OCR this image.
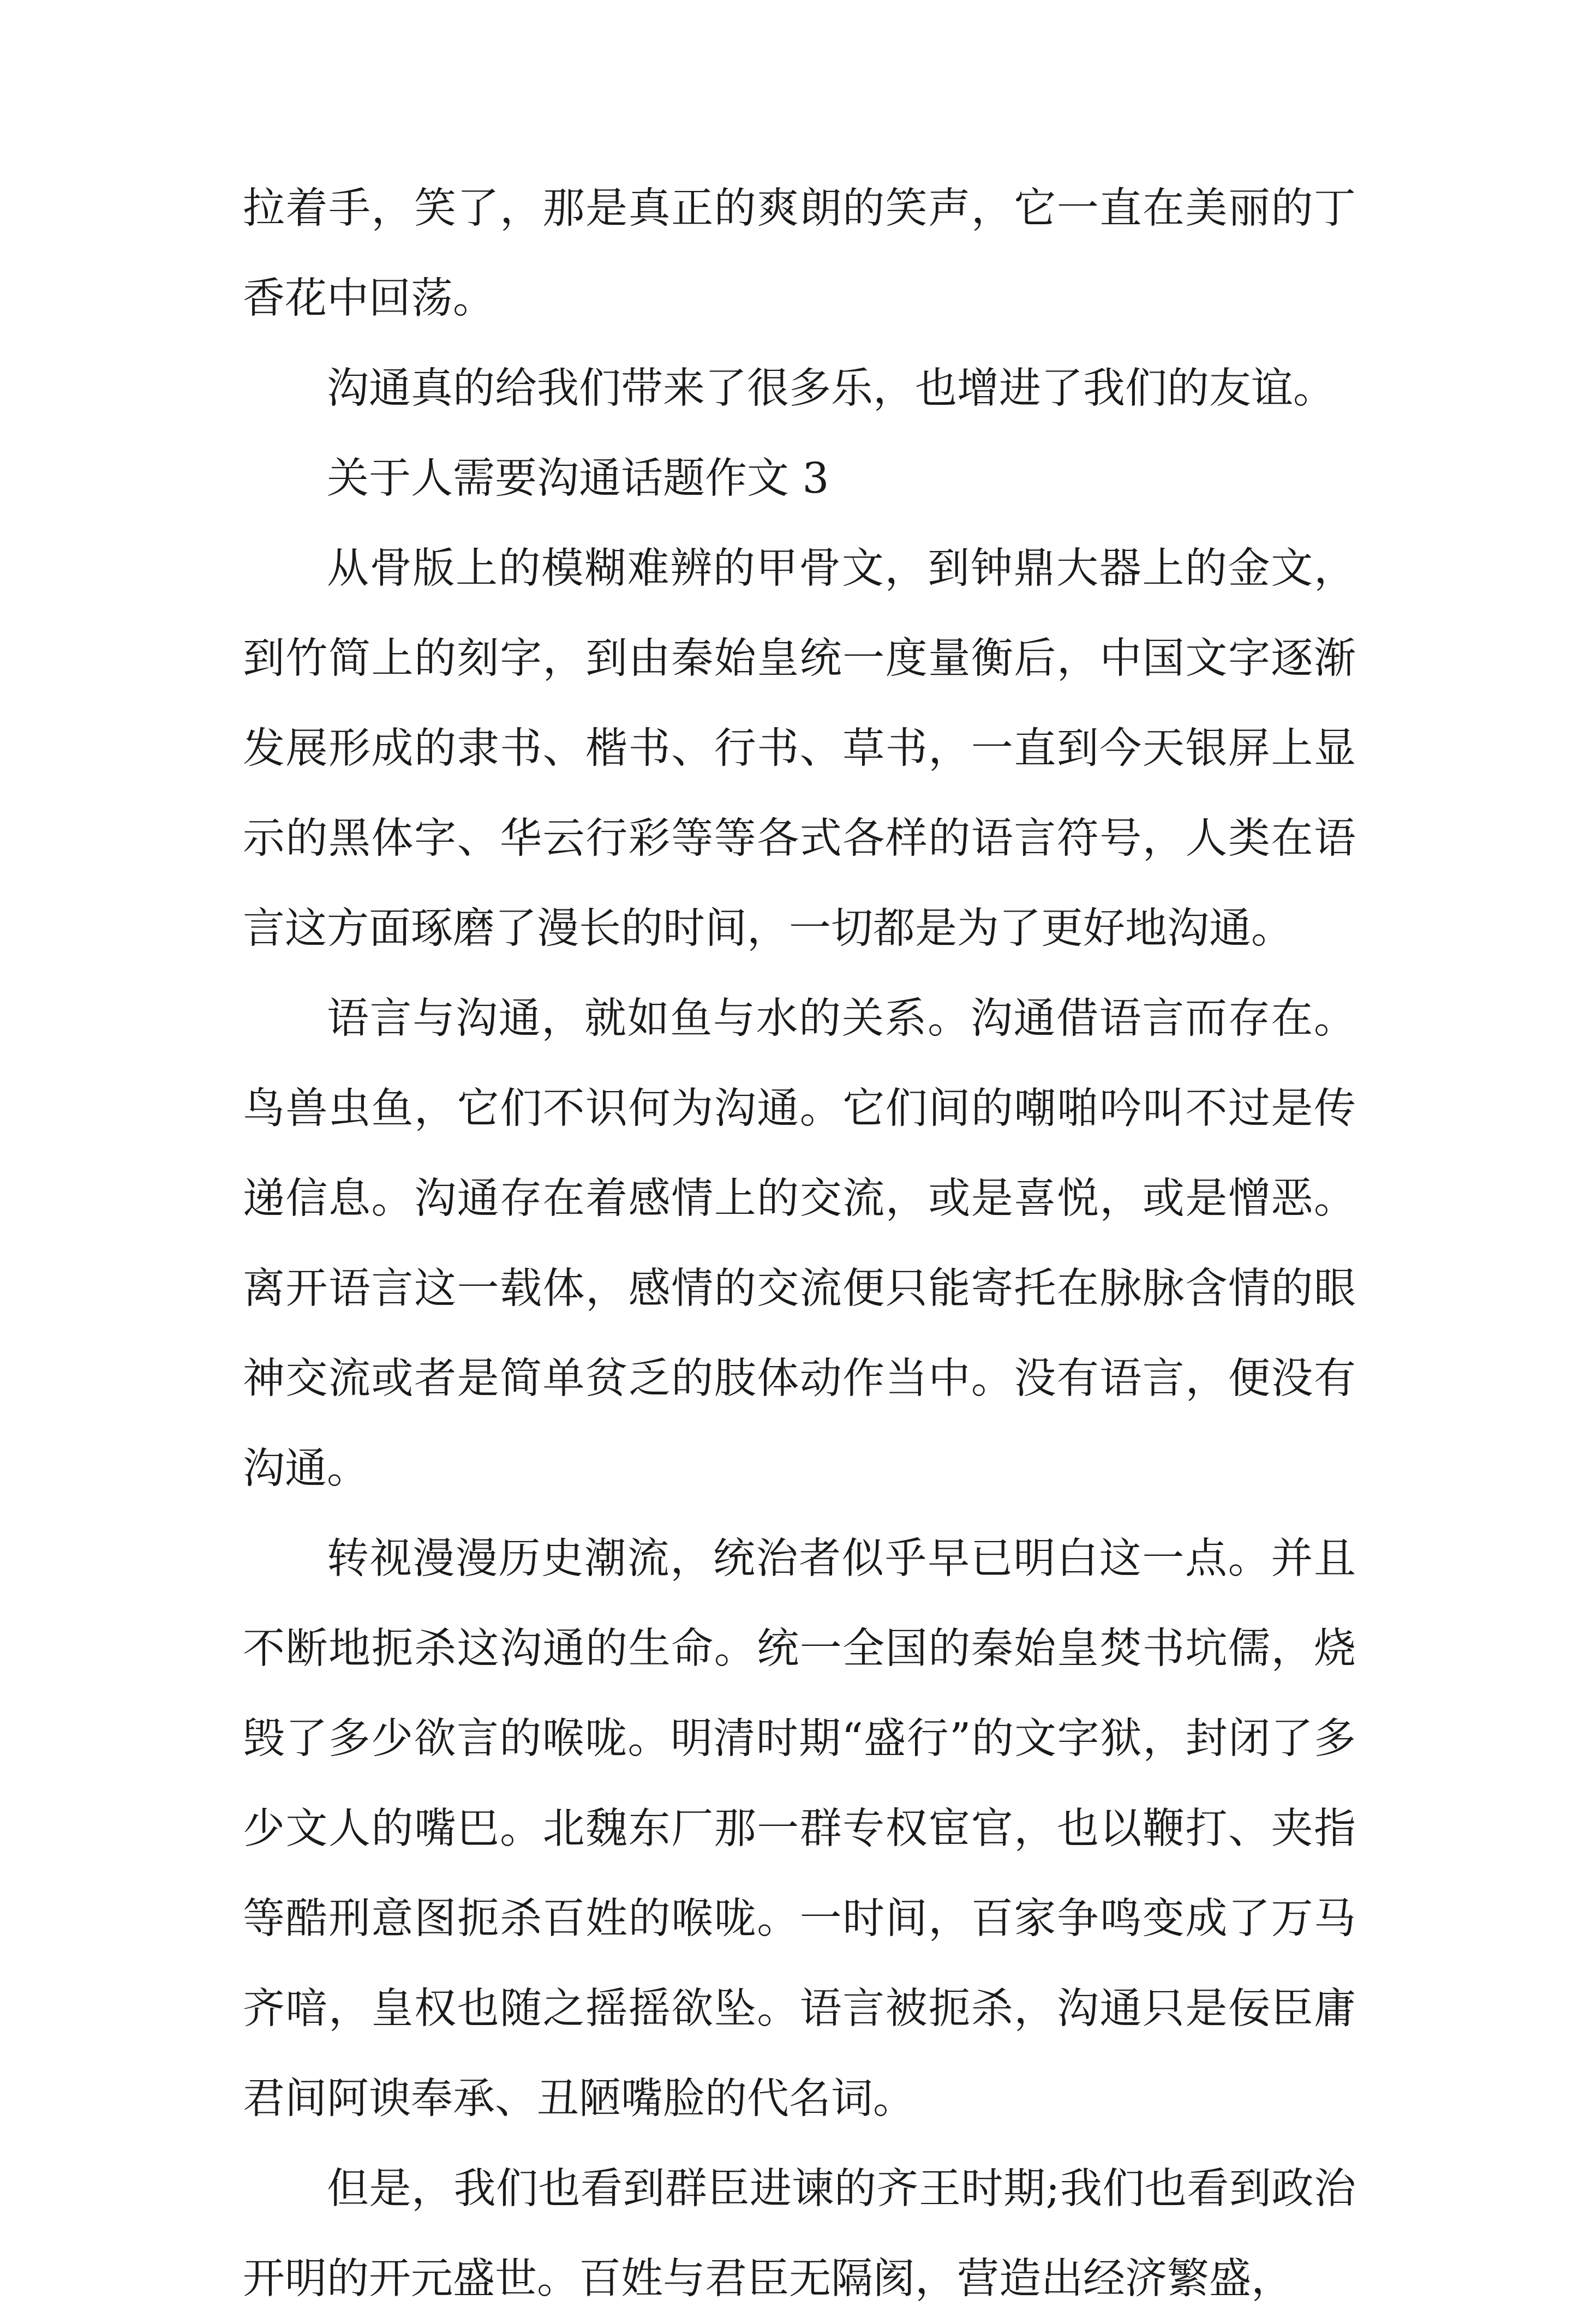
拉着手，笑了，那是真正的爽朗的笑声，它一直在美丽的丁香花中回荡。

沟通真的给我们带来了很多乐，也增进了我们的友谊。

关于人需要沟通话题作文 3

从骨版上的模糊难辨的甲骨文，到钟鼎大器上的金文，到竹简上的刻字，到由秦始皇统一度量衡后，中国文字逐渐发展形成的隶书、楷书、行书、草书，一直到今天银屏上显示的黑体字、华云行彩等等各式各样的语言符号，人类在语言这方面琢磨了漫长的时间，一切都是为了更好地沟通。

语言与沟通，就如鱼与水的关系。沟通借语言而存在。鸟兽虫鱼，它们不识何为沟通。它们间的嘲啪吟叫不过是传递信息。沟通存在着感情上的交流，或是喜悦，或是憎恶。离开语言这一载体，感情的交流便只能寄托在脉脉含情的眼神交流或者是简单贫乏的肢体动作当中。没有语言，便没有沟通。

转视漫漫历史潮流，统治者似乎早已明白这一点。并且不断地扼杀这沟通的生命。统一全国的秦始皇焚书坑儒，烧毁了多少欲言的喉咙。明清时期“盛行”的文字狱，封闭了多少文人的嘴巴。北魏东厂那一群专权宦官，也以鞭打、夹指等酷刑意图扼杀百姓的喉咙。一时间，百家争鸣变成了万马齐喑，皇权也随之摇摇欲坠。语言被扼杀，沟通只是佞臣庸君间阿谀奉承、丑陋嘴脸的代名词。

但是，我们也看到群臣进谏的齐王时期;我们也看到政治开明的开元盛世。百姓与君臣无隔阂，营造出经济繁盛，
